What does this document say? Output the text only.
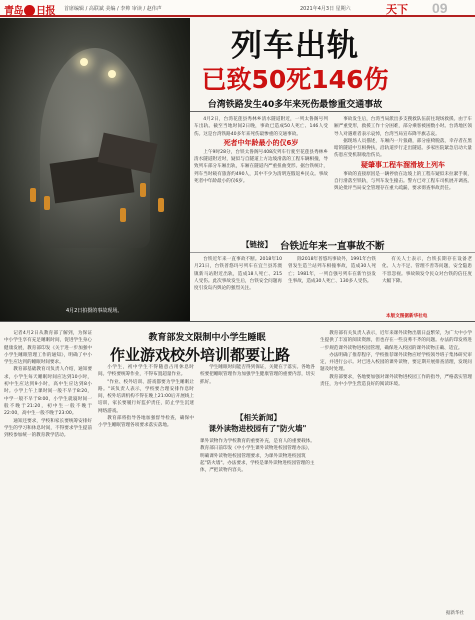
青岛 日报 首席编辑 / 高联斌 美编 / 李帅 审读 / 赵伟声	2021年4月3日 星期六	天下 09
4月2日拍摄的事故现场。
列车出轨
已致50死146伤
台湾铁路发生40多年来死伤最惨重交通事故

4月2日，台湾花莲县秀林乡清水隧道附近，一列太鲁阁号列车出轨。截至当地时间2日晚，事故已造成50人死亡、146人受伤。这是台湾铁路40多年来死伤最惨重的交通事故。

死者中年龄最小的仅6岁

上午9时28分，台铁太鲁阁号408次列车行驶至花莲县秀林乡清水隧道附近时，疑似与自隧道上方边坡滑落的工程车辆相撞，导致列车部分车厢出轨，车厢在隧道内严重扭曲变形。据台铁统计，列车当时载有旅客约490人，其中不少为清明连假返乡民众。事故死者中年龄最小的仅6岁。

事故发生后，台湾当局派出多支搜救队伍前往现场救援。由于车厢严重变形，救援工作十分困难，部分乘客被困数小时。台湾地区领导人对遇难者表示哀悼，台湾当局宣布降半旗志哀。

据现场人员描述，车厢内一片狼藉，部分座椅脱落，幸存者在黑暗的隧道中互相搀扶，沿轨道步行走出隧道。多家医院紧急启动大量伤患应变机制收治伤员。

疑肇事工程车溜滑坡上列车

事故的直接原因是一辆停放在边坡上的工程车疑似未拉紧手刹，自行滑落至铁轨，与列车发生撞击。警方已对工程车司机展开调查。舆论批评当局安全管理存在重大疏漏，要求彻查事故责任。

【链接】 台铁近年来一直事故不断

台铁近年来一直事故不断。2018年10月21日，台铁普悠玛号列车在宜兰县苏澳镇新马站附近出轨，造成18人死亡、215人受伤。此次事故发生后，台铁安全问题再度引发岛内舆论的强烈关注。

除2018年普悠玛事故外，1991年台铁曾发生造兰站列车相撞事故，造成30人死亡；1981年，一列自强号列车在新竹县发生事故，造成30人死亡、130多人受伤。

有关人士表示，台铁长期存在设备老化、人力不足、管理不善等问题，安全隐患不容忽视。事故频发令民众对台铁的信任度大幅下降。

本版文图据新华社电
教育部发文限制中小学生睡眠
作业游戏校外培训都要让路

记者4月2日从教育部了解到，为保证中小学生享有充足睡眠时间，促进学生身心健康发展，教育部印发《关于进一步加强中小学生睡眠管理工作的通知》，明确了中小学生应达到的睡眠时间要求。

教育部基础教育司负责人介绍，通知要求，小学生每天睡眠时间应达到10小时，初中生应达到9小时，高中生应达到8小时。小学上午上课时间一般不早于8:20，中学一般不早于8:00，小学生就寝时间一般不晚于21:20，初中生一般不晚于22:00，高中生一般不晚于23:00。

通知还要求，学校和家长要统筹安排好学生的学习和休息时间，不得要求学生提前到校参加统一的教育教学活动。

小学生，初中学生不得随意占用休息时间。学校要统筹作业，不得布置超量作业。

"作业、校外培训、游戏都要为学生睡眠让路。"该负责人表示，学校要合理安排作息时间，校外培训机构不得在晚上21:00后开展线上培训，家长要履行好监护责任，防止学生沉迷网络游戏。

教育部将指导各地加强督导检查，确保中小学生睡眠管理各项要求落实落地。

学生睡眠时间能否得到保证，关键在于落实。各地各校要把睡眠管理作为加强学生健康管理的重要内容，切实抓好。

【相关新闻】
课外读物进校园有了"防火墙"
课外读物作为学校教育的重要补充，是育人的重要载体。教育部日前印发《中小学生课外读物进校园管理办法》，明确课外读物进校园管理要求，为课外读物进校园筑起"防火墙"。办法要求，学校是课外读物进校园管理的主体，严把读物内容关。

教育部有关负责人表示，近年来课外读物出版日益繁荣，为广大中小学生提供了丰富的阅读资源，但也存在一些良莠不齐的问题。办法的印发将进一步规范课外读物进校园管理，确保进入校园的课外读物正确、适宜。

办法明确了推荐程序，学校推荐课外读物应经学校领导班子集体研究审定，并进行公示。对已进入校园的课外读物，要定期开展排查清理，发现问题及时处理。

教育部要求，各地要加强对课外读物进校园工作的指导，严格落实管理责任，为中小学生营造良好的阅读环境。

据新华社
